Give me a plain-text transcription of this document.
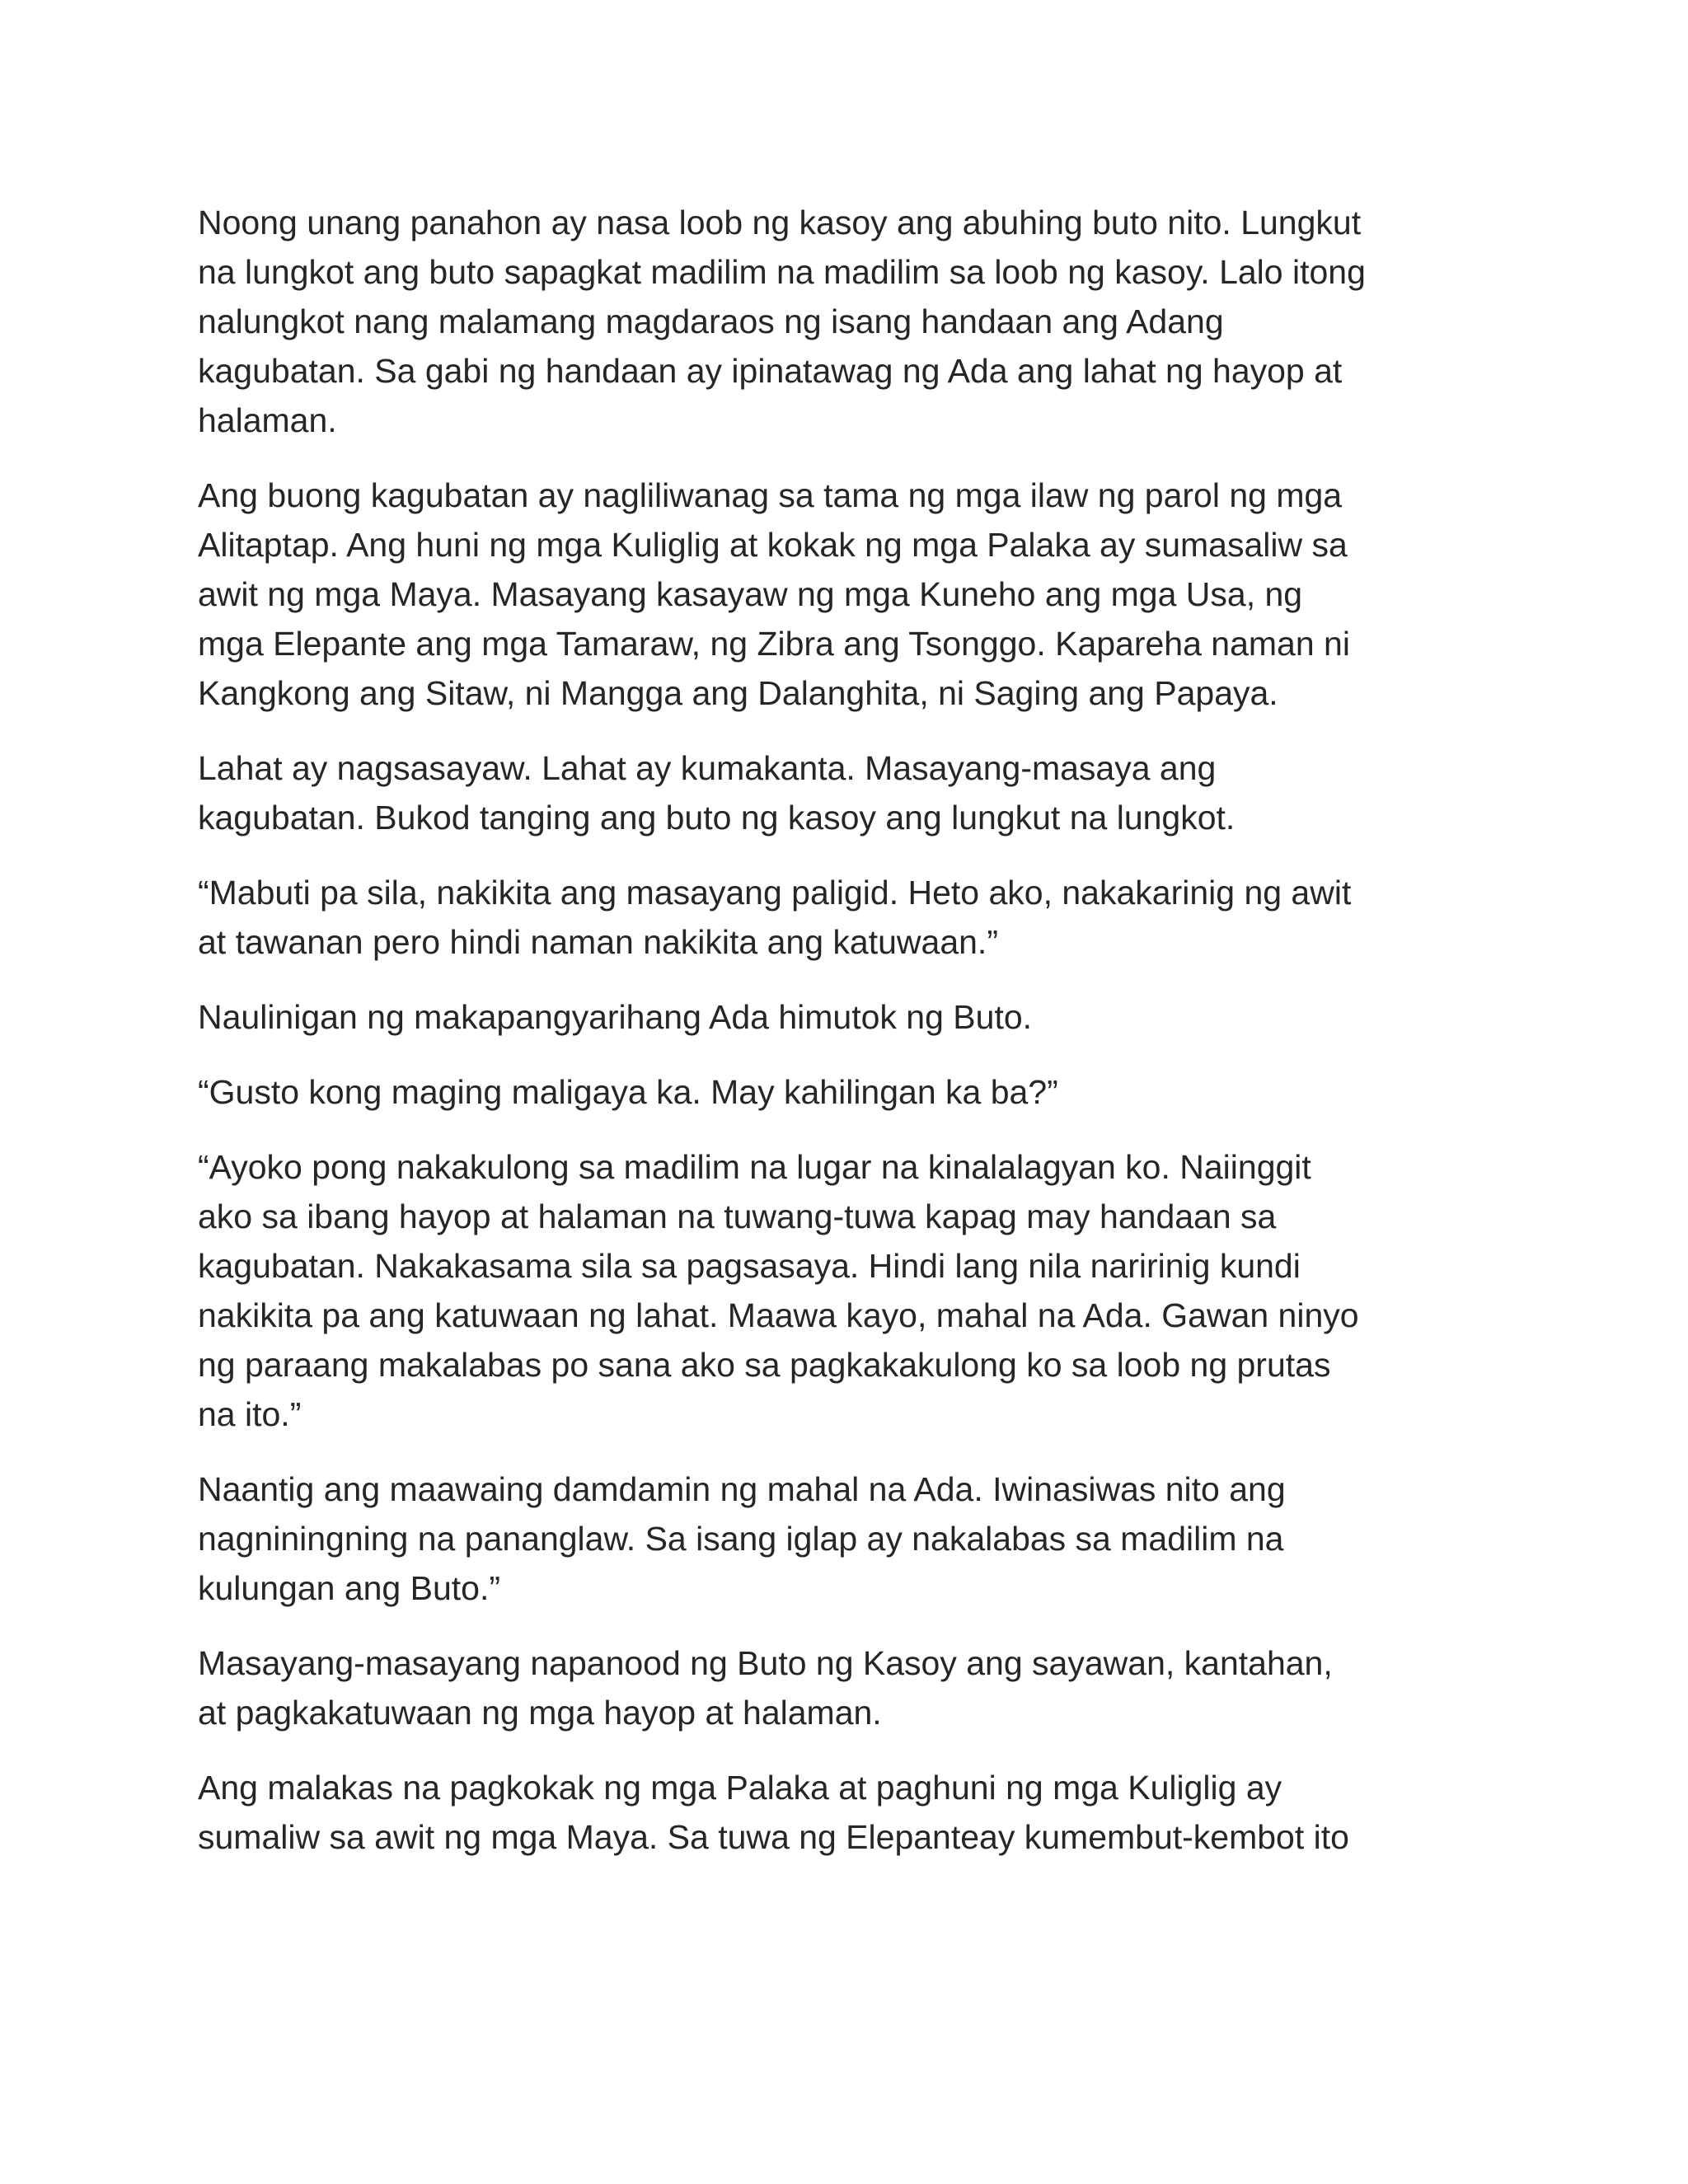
Noong unang panahon ay nasa loob ng kasoy ang abuhing buto nito. Lungkut
na lungkot ang buto sapagkat madilim na madilim sa loob ng kasoy. Lalo itong
nalungkot nang malamang magdaraos ng isang handaan ang Adang
kagubatan. Sa gabi ng handaan ay ipinatawag ng Ada ang lahat ng hayop at
halaman.

Ang buong kagubatan ay nagliliwanag sa tama ng mga ilaw ng parol ng mga
Alitaptap. Ang huni ng mga Kuliglig at kokak ng mga Palaka ay sumasaliw sa
awit ng mga Maya. Masayang kasayaw ng mga Kuneho ang mga Usa, ng
mga Elepante ang mga Tamaraw, ng Zibra ang Tsonggo. Kapareha naman ni
Kangkong ang Sitaw, ni Mangga ang Dalanghita, ni Saging ang Papaya.

Lahat ay nagsasayaw. Lahat ay kumakanta. Masayang-masaya ang
kagubatan. Bukod tanging ang buto ng kasoy ang lungkut na lungkot.

“Mabuti pa sila, nakikita ang masayang paligid. Heto ako, nakakarinig ng awit
at tawanan pero hindi naman nakikita ang katuwaan.”

Naulinigan ng makapangyarihang Ada himutok ng Buto.

“Gusto kong maging maligaya ka. May kahilingan ka ba?”

“Ayoko pong nakakulong sa madilim na lugar na kinalalagyan ko. Naiinggit
ako sa ibang hayop at halaman na tuwang-tuwa kapag may handaan sa
kagubatan. Nakakasama sila sa pagsasaya. Hindi lang nila naririnig kundi
nakikita pa ang katuwaan ng lahat. Maawa kayo, mahal na Ada. Gawan ninyo
ng paraang makalabas po sana ako sa pagkakakulong ko sa loob ng prutas
na ito.”

Naantig ang maawaing damdamin ng mahal na Ada. Iwinasiwas nito ang
nagniningning na pananglaw. Sa isang iglap ay nakalabas sa madilim na
kulungan ang Buto.”

Masayang-masayang napanood ng Buto ng Kasoy ang sayawan, kantahan,
at pagkakatuwaan ng mga hayop at halaman.

Ang malakas na pagkokak ng mga Palaka at paghuni ng mga Kuliglig ay
sumaliw sa awit ng mga Maya. Sa tuwa ng Elepanteay kumembut-kembot ito
